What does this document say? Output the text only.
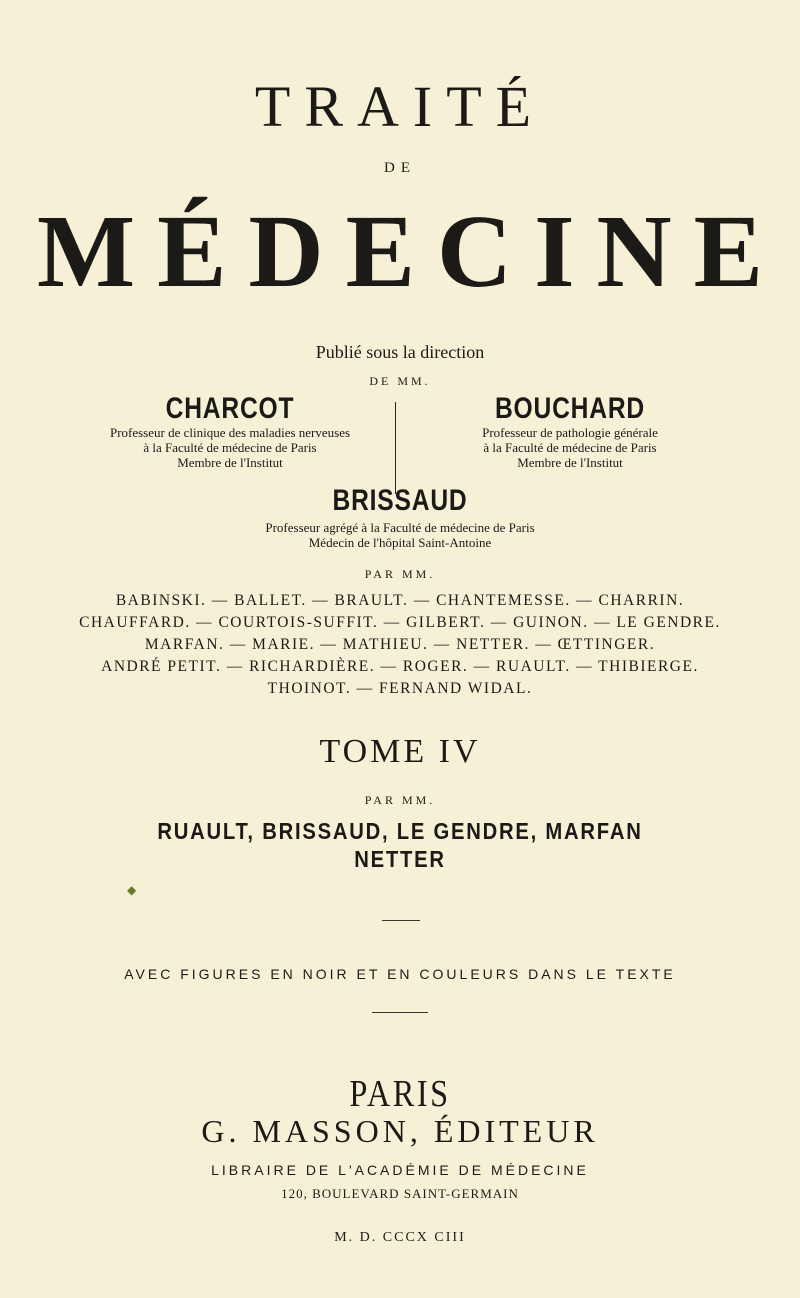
TRAITÉ
DE
MÉDECINE
Publié sous la direction
DE MM.
CHARCOT
Professeur de clinique des maladies nerveuses
à la Faculté de médecine de Paris
Membre de l'Institut
BOUCHARD
Professeur de pathologie générale
à la Faculté de médecine de Paris
Membre de l'Institut
BRISSAUD
Professeur agrégé à la Faculté de médecine de Paris
Médecin de l'hôpital Saint-Antoine
PAR MM.
BABINSKI. — BALLET. — BRAULT. — CHANTEMESSE. — CHARRIN.
CHAUFFARD. — COURTOIS-SUFFIT. — GILBERT. — GUINON. — LE GENDRE.
MARFAN. — MARIE. — MATHIEU. — NETTER. — ŒTTINGER.
ANDRÉ PETIT. — RICHARDIÈRE. — ROGER. — RUAULT. — THIBIERGE.
THOINOT. — FERNAND WIDAL.
TOME IV
PAR MM.
RUAULT, BRISSAUD, LE GENDRE, MARFAN
NETTER
◆
AVEC FIGURES EN NOIR ET EN COULEURS DANS LE TEXTE
PARIS
G. MASSON, ÉDITEUR
LIBRAIRE DE L'ACADÉMIE DE MÉDECINE
120, BOULEVARD SAINT-GERMAIN
M. D. CCCX CIII
